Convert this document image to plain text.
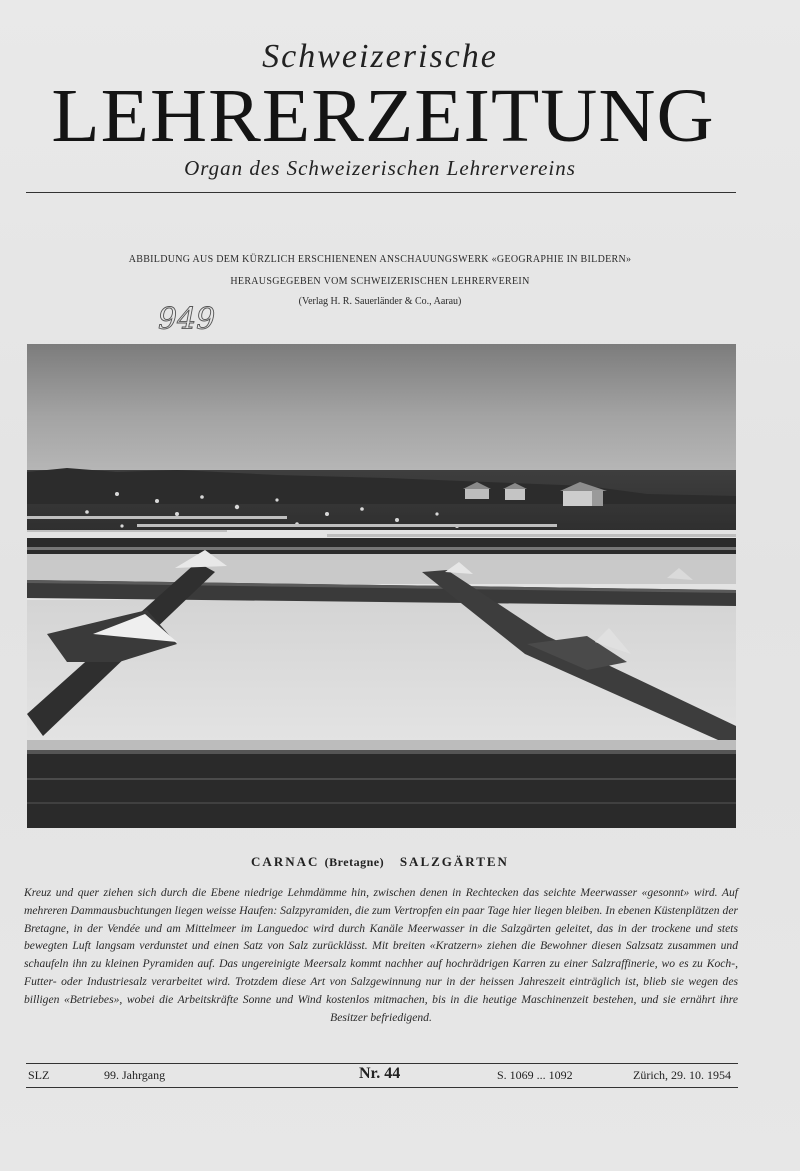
Schweizerische
LEHRERZEITUNG
Organ des Schweizerischen Lehrervereins
ABBILDUNG AUS DEM KÜRZLICH ERSCHIENENEN ANSCHAUUNGSWERK «GEOGRAPHIE IN BILDERN»
HERAUSGEGEBEN VOM SCHWEIZERISCHEN LEHRERVEREIN
(Verlag H. R. Sauerländer & Co., Aarau)
949
CARNAC (Bretagne) SALZGÄRTEN
Kreuz und quer ziehen sich durch die Ebene niedrige Lehmdämme hin, zwischen denen in Rechtecken das seichte Meerwasser «gesonnt» wird. Auf mehreren Dammausbuchtungen liegen weisse Haufen: Salzpyramiden, die zum Vertropfen ein paar Tage hier liegen bleiben. In ebenen Küstenplätzen der Bretagne, in der Vendée und am Mittelmeer im Languedoc wird durch Kanäle Meerwasser in die Salzgärten geleitet, das in der trockene und stets bewegten Luft langsam verdunstet und einen Satz von Salz zurücklässt. Mit breiten «Kratzern» ziehen die Bewohner diesen Salzsatz zusammen und schaufeln ihn zu kleinen Pyramiden auf. Das ungereinigte Meersalz kommt nachher auf hochrädrigen Karren zu einer Salzraffinerie, wo es zu Koch-, Futter- oder Industriesalz verarbeitet wird. Trotzdem diese Art von Salzgewinnung nur in der heissen Jahreszeit einträglich ist, blieb sie wegen des billigen «Betriebes», wobei die Arbeitskräfte Sonne und Wind kostenlos mitmachen, bis in die heutige Maschinenzeit bestehen, und sie ernährt ihre Besitzer befriedigend.
SLZ	99. Jahrgang	Nr. 44	S. 1069 ... 1092	Zürich, 29. 10. 1954
